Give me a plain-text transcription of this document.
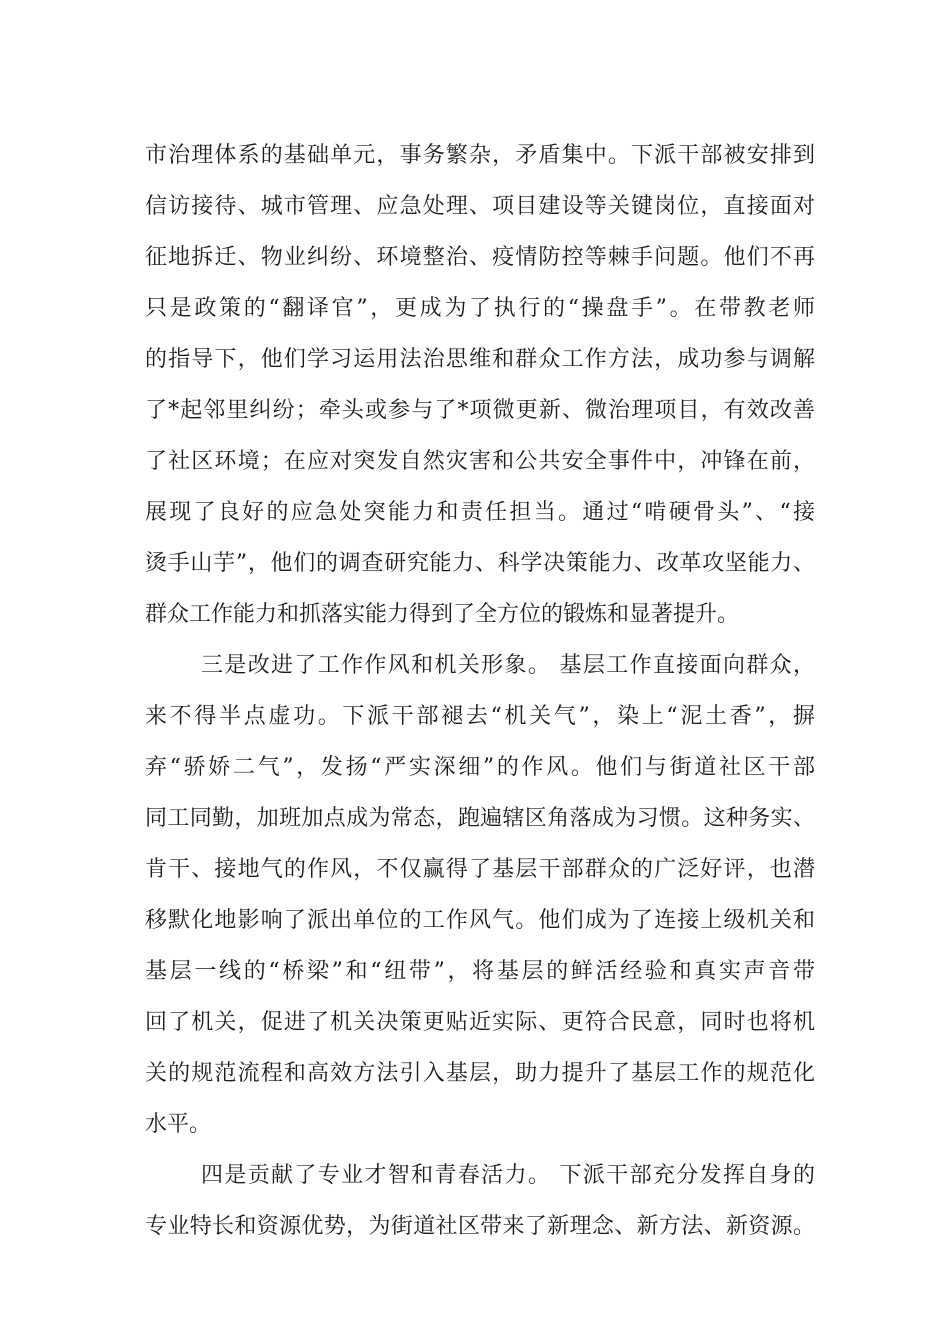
市治理体系的基础单元，事务繁杂，矛盾集中。下派干部被安排到
信访接待、城市管理、应急处理、项目建设等关键岗位，直接面对
征地拆迁、物业纠纷、环境整治、疫情防控等棘手问题。他们不再
只是政策的“翻译官”，更成为了执行的“操盘手”。在带教老师
的指导下，他们学习运用法治思维和群众工作方法，成功参与调解
了*起邻里纠纷；牵头或参与了*项微更新、微治理项目，有效改善
了社区环境；在应对突发自然灾害和公共安全事件中，冲锋在前，
展现了良好的应急处突能力和责任担当。通过“啃硬骨头”、“接
烫手山芋”，他们的调查研究能力、科学决策能力、改革攻坚能力、
群众工作能力和抓落实能力得到了全方位的锻炼和显著提升。
三是改进了工作作风和机关形象。 基层工作直接面向群众，
来不得半点虚功。下派干部褪去“机关气”，染上“泥土香”，摒
弃“骄娇二气”，发扬“严实深细”的作风。他们与街道社区干部
同工同勤，加班加点成为常态，跑遍辖区角落成为习惯。这种务实、
肯干、接地气的作风，不仅赢得了基层干部群众的广泛好评，也潜
移默化地影响了派出单位的工作风气。他们成为了连接上级机关和
基层一线的“桥梁”和“纽带”，将基层的鲜活经验和真实声音带
回了机关，促进了机关决策更贴近实际、更符合民意，同时也将机
关的规范流程和高效方法引入基层，助力提升了基层工作的规范化
水平。
四是贡献了专业才智和青春活力。 下派干部充分发挥自身的
专业特长和资源优势，为街道社区带来了新理念、新方法、新资源。
